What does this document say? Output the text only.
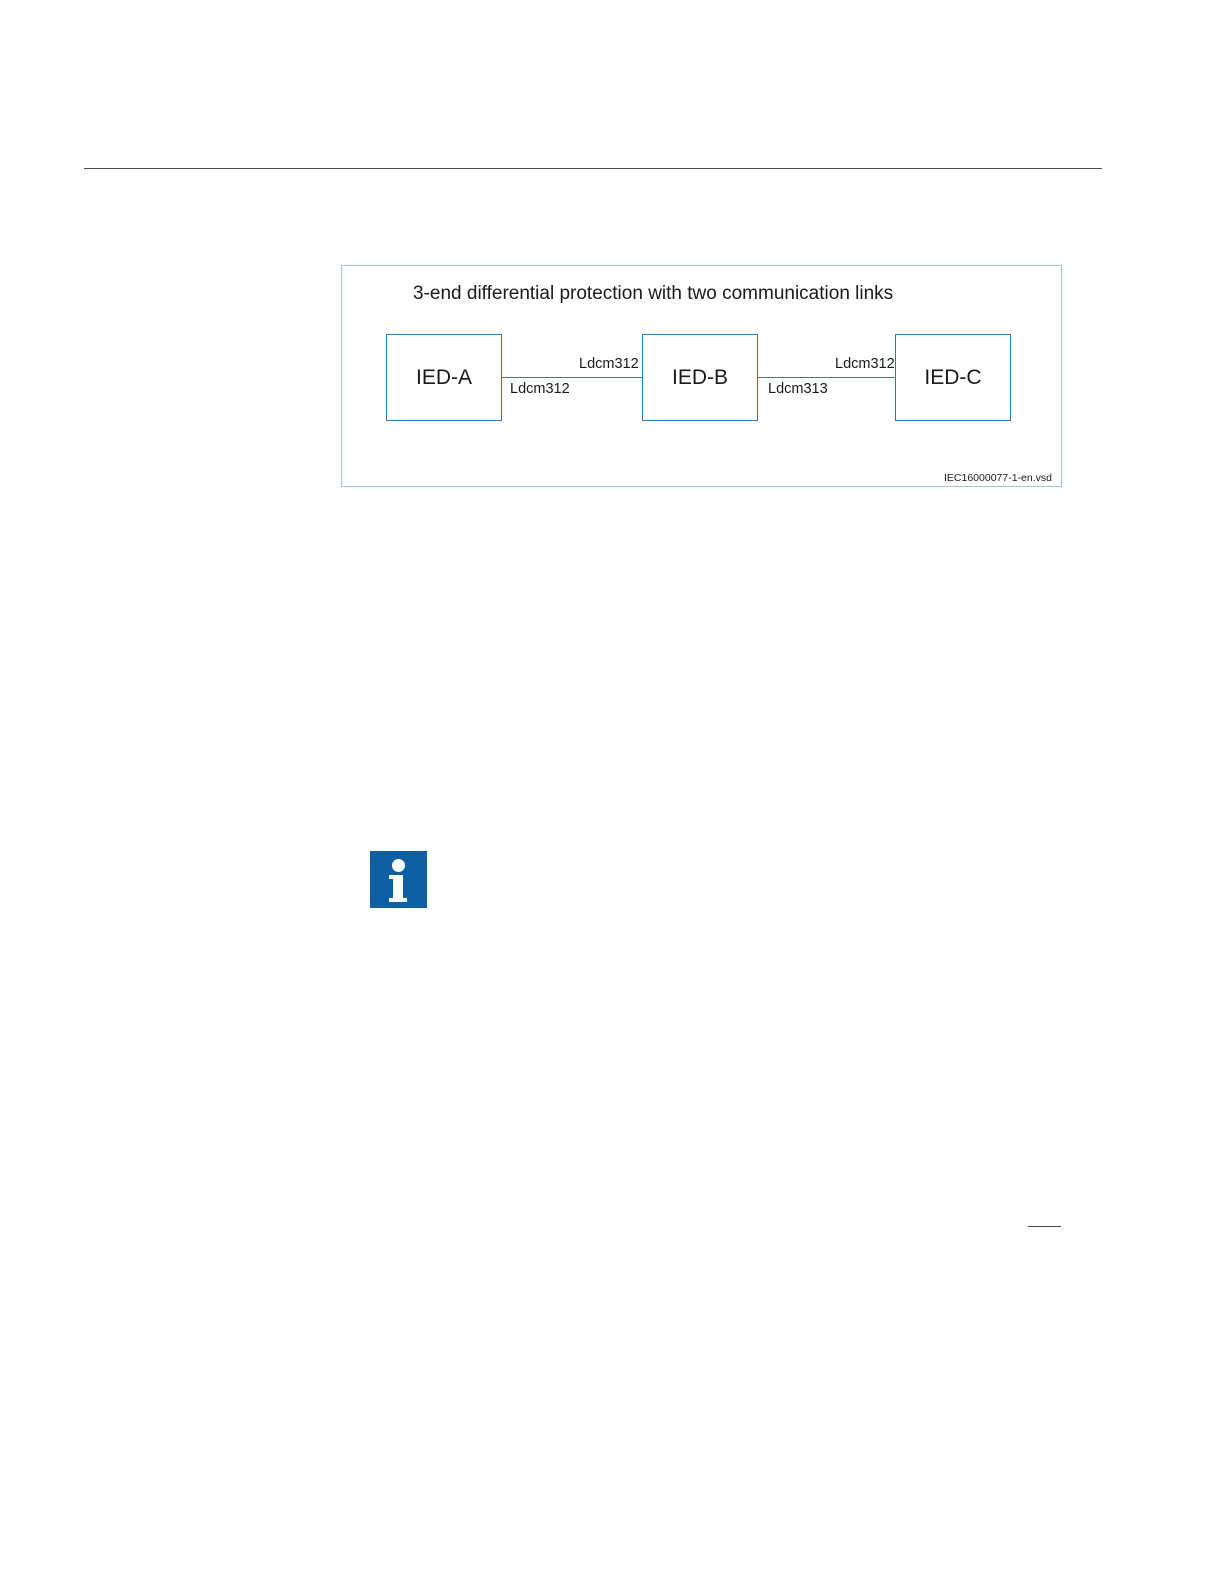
3-end differential protection with two communication links
IED-A	IED-B	IED-C
Ldcm312
Ldcm312
Ldcm312
Ldcm313
IEC16000077-1-en.vsd
